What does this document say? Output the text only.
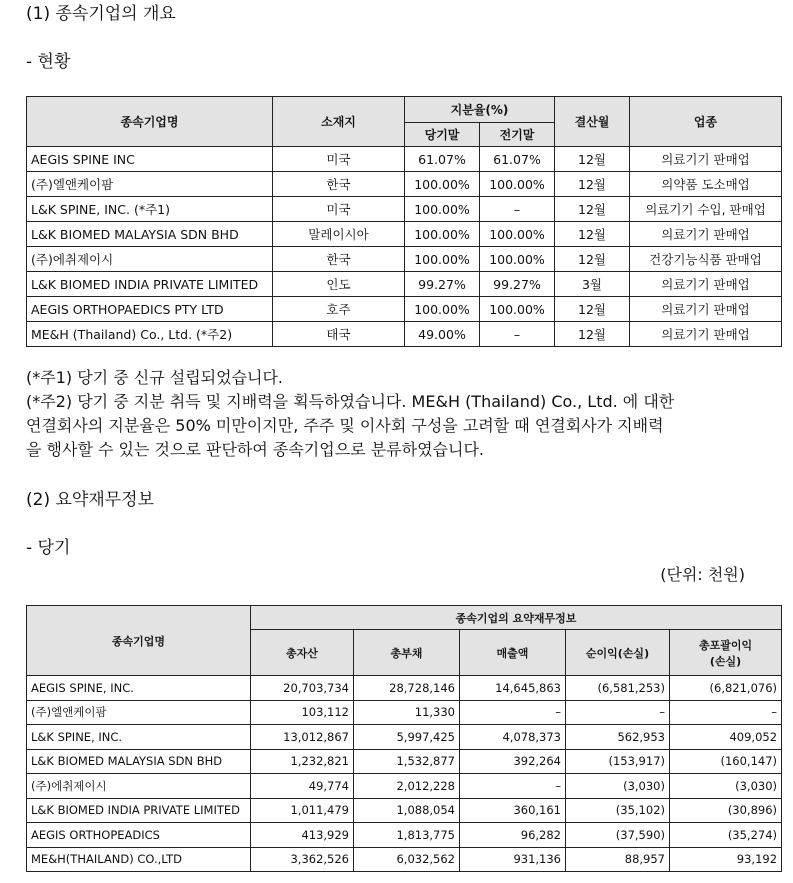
(1) 종속기업의 개요
- 현황
종속기업명	소재지	지분율(%)		결산월	업종
		당기말	전기말		
AEGIS SPINE INC	미국	61.07%	61.07%	12월	의료기기 판매업
(주)엘앤케이팜	한국	100.00%	100.00%	12월	의약품 도소매업
L&K SPINE, INC. (*주1)	미국	100.00%	–	12월	의료기기 수입, 판매업
L&K BIOMED MALAYSIA SDN BHD	말레이시아	100.00%	100.00%	12월	의료기기 판매업
(주)에취제이시	한국	100.00%	100.00%	12월	건강기능식품 판매업
L&K BIOMED INDIA PRIVATE LIMITED	인도	99.27%	99.27%	3월	의료기기 판매업
AEGIS ORTHOPAEDICS PTY LTD	호주	100.00%	100.00%	12월	의료기기 판매업
ME&H (Thailand) Co., Ltd. (*주2)	태국	49.00%	–	12월	의료기기 판매업
(*주1) 당기 중 신규 설립되었습니다.
(*주2) 당기 중 지분 취득 및 지배력을 획득하였습니다. ME&H (Thailand) Co., Ltd. 에 대한
연결회사의 지분율은 50% 미만이지만, 주주 및 이사회 구성을 고려할 때 연결회사가 지배력
을 행사할 수 있는 것으로 판단하여 종속기업으로 분류하였습니다.
(2) 요약재무정보
- 당기
(단위: 천원)
종속기업명	종속기업의 요약재무정보				
	총자산	총부채	매출액	순이익(손실)	총포괄이익
(손실)
AEGIS SPINE, INC.	20,703,734	28,728,146	14,645,863	(6,581,253)	(6,821,076)
(주)엘앤케이팜	103,112	11,330	–	–	–
L&K SPINE, INC.	13,012,867	5,997,425	4,078,373	562,953	409,052
L&K BIOMED MALAYSIA SDN BHD	1,232,821	1,532,877	392,264	(153,917)	(160,147)
(주)에취제이시	49,774	2,012,228	–	(3,030)	(3,030)
L&K BIOMED INDIA PRIVATE LIMITED	1,011,479	1,088,054	360,161	(35,102)	(30,896)
AEGIS ORTHOPEADICS	413,929	1,813,775	96,282	(37,590)	(35,274)
ME&H(THAILAND) CO.,LTD	3,362,526	6,032,562	931,136	88,957	93,192
